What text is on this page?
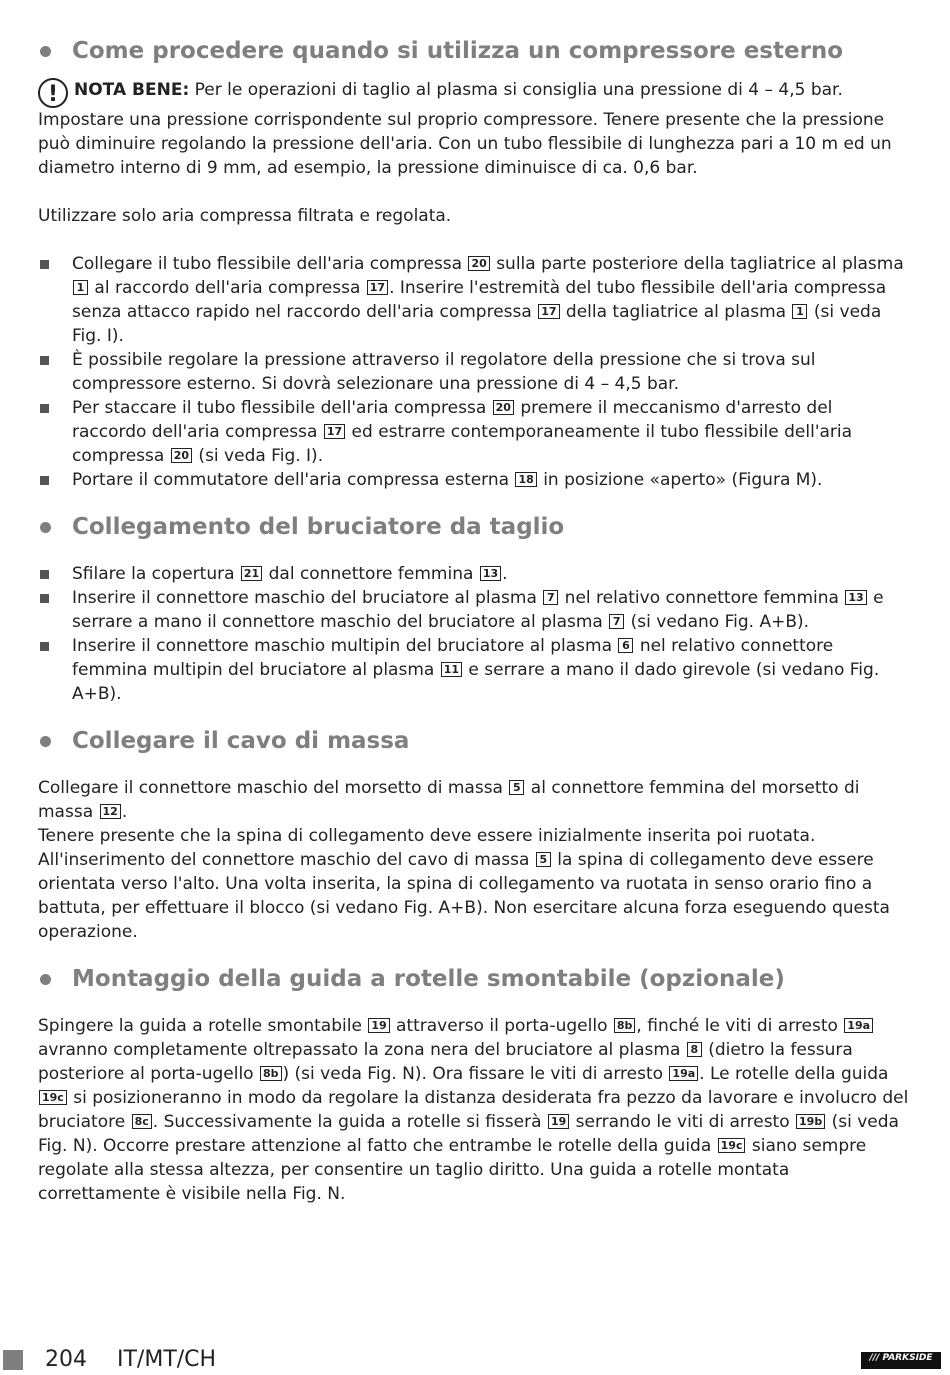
Come procedere quando si utilizza un compressore esterno

! NOTA BENE: Per le operazioni di taglio al plasma si consiglia una pressione di 4 – 4,5 bar. Impostare una pressione corrispondente sul proprio compressore. Tenere presente che la pressione può diminuire regolando la pressione dell'aria. Con un tubo flessibile di lunghezza pari a 10 m ed un diametro interno di 9 mm, ad esempio, la pressione diminuisce di ca. 0,6 bar.

Utilizzare solo aria compressa filtrata e regolata.

Collegare il tubo flessibile dell'aria compressa 20 sulla parte posteriore della tagliatrice al plasma 1 al raccordo dell'aria compressa 17 . Inserire l'estremità del tubo flessibile dell'aria compressa senza attacco rapido nel raccordo dell'aria compressa 17 della tagliatrice al plasma 1 (si veda Fig. I).
È possibile regolare la pressione attraverso il regolatore della pressione che si trova sul compressore esterno. Si dovrà selezionare una pressione di 4 – 4,5 bar.
Per staccare il tubo flessibile dell'aria compressa 20 premere il meccanismo d'arresto del raccordo dell'aria compressa 17 ed estrarre contemporaneamente il tubo flessibile dell'aria compressa 20 (si veda Fig. I).
Portare il commutatore dell'aria compressa esterna 18 in posizione «aperto» (Figura M).
Collegamento del bruciatore da taglio
Sfilare la copertura 21 dal connettore femmina 13 .
Inserire il connettore maschio del bruciatore al plasma 7 nel relativo connettore femmina 13 e serrare a mano il connettore maschio del bruciatore al plasma 7 (si vedano Fig. A+B).
Inserire il connettore maschio multipin del bruciatore al plasma 6 nel relativo connettore femmina multipin del bruciatore al plasma 11 e serrare a mano il dado girevole (si vedano Fig. A+B).
Collegare il cavo di massa

Collegare il connettore maschio del morsetto di massa 5 al connettore femmina del morsetto di massa 12 .

Tenere presente che la spina di collegamento deve essere inizialmente inserita poi ruotata. All'inserimento del connettore maschio del cavo di massa 5 la spina di collegamento deve essere orientata verso l'alto. Una volta inserita, la spina di collegamento va ruotata in senso orario fino a battuta, per effettuare il blocco (si vedano Fig. A+B). Non esercitare alcuna forza eseguendo questa operazione.

Montaggio della guida a rotelle smontabile (opzionale)

Spingere la guida a rotelle smontabile 19 attraverso il porta-ugello 8b , finché le viti di arresto 19a avranno completamente oltrepassato la zona nera del bruciatore al plasma 8 (dietro la fessura posteriore al porta-ugello 8b ) (si veda Fig. N). Ora fissare le viti di arresto 19a . Le rotelle della guida 19c si posizioneranno in modo da regolare la distanza desiderata fra pezzo da lavorare e involucro del bruciatore 8c . Successivamente la guida a rotelle si fisserà 19 serrando le viti di arresto 19b (si veda Fig. N). Occorre prestare attenzione al fatto che entrambe le rotelle della guida 19c siano sempre regolate alla stessa altezza, per consentire un taglio diritto. Una guida a rotelle montata correttamente è visibile nella Fig. N.

204 IT/MT/CH	/// PARKSIDE
